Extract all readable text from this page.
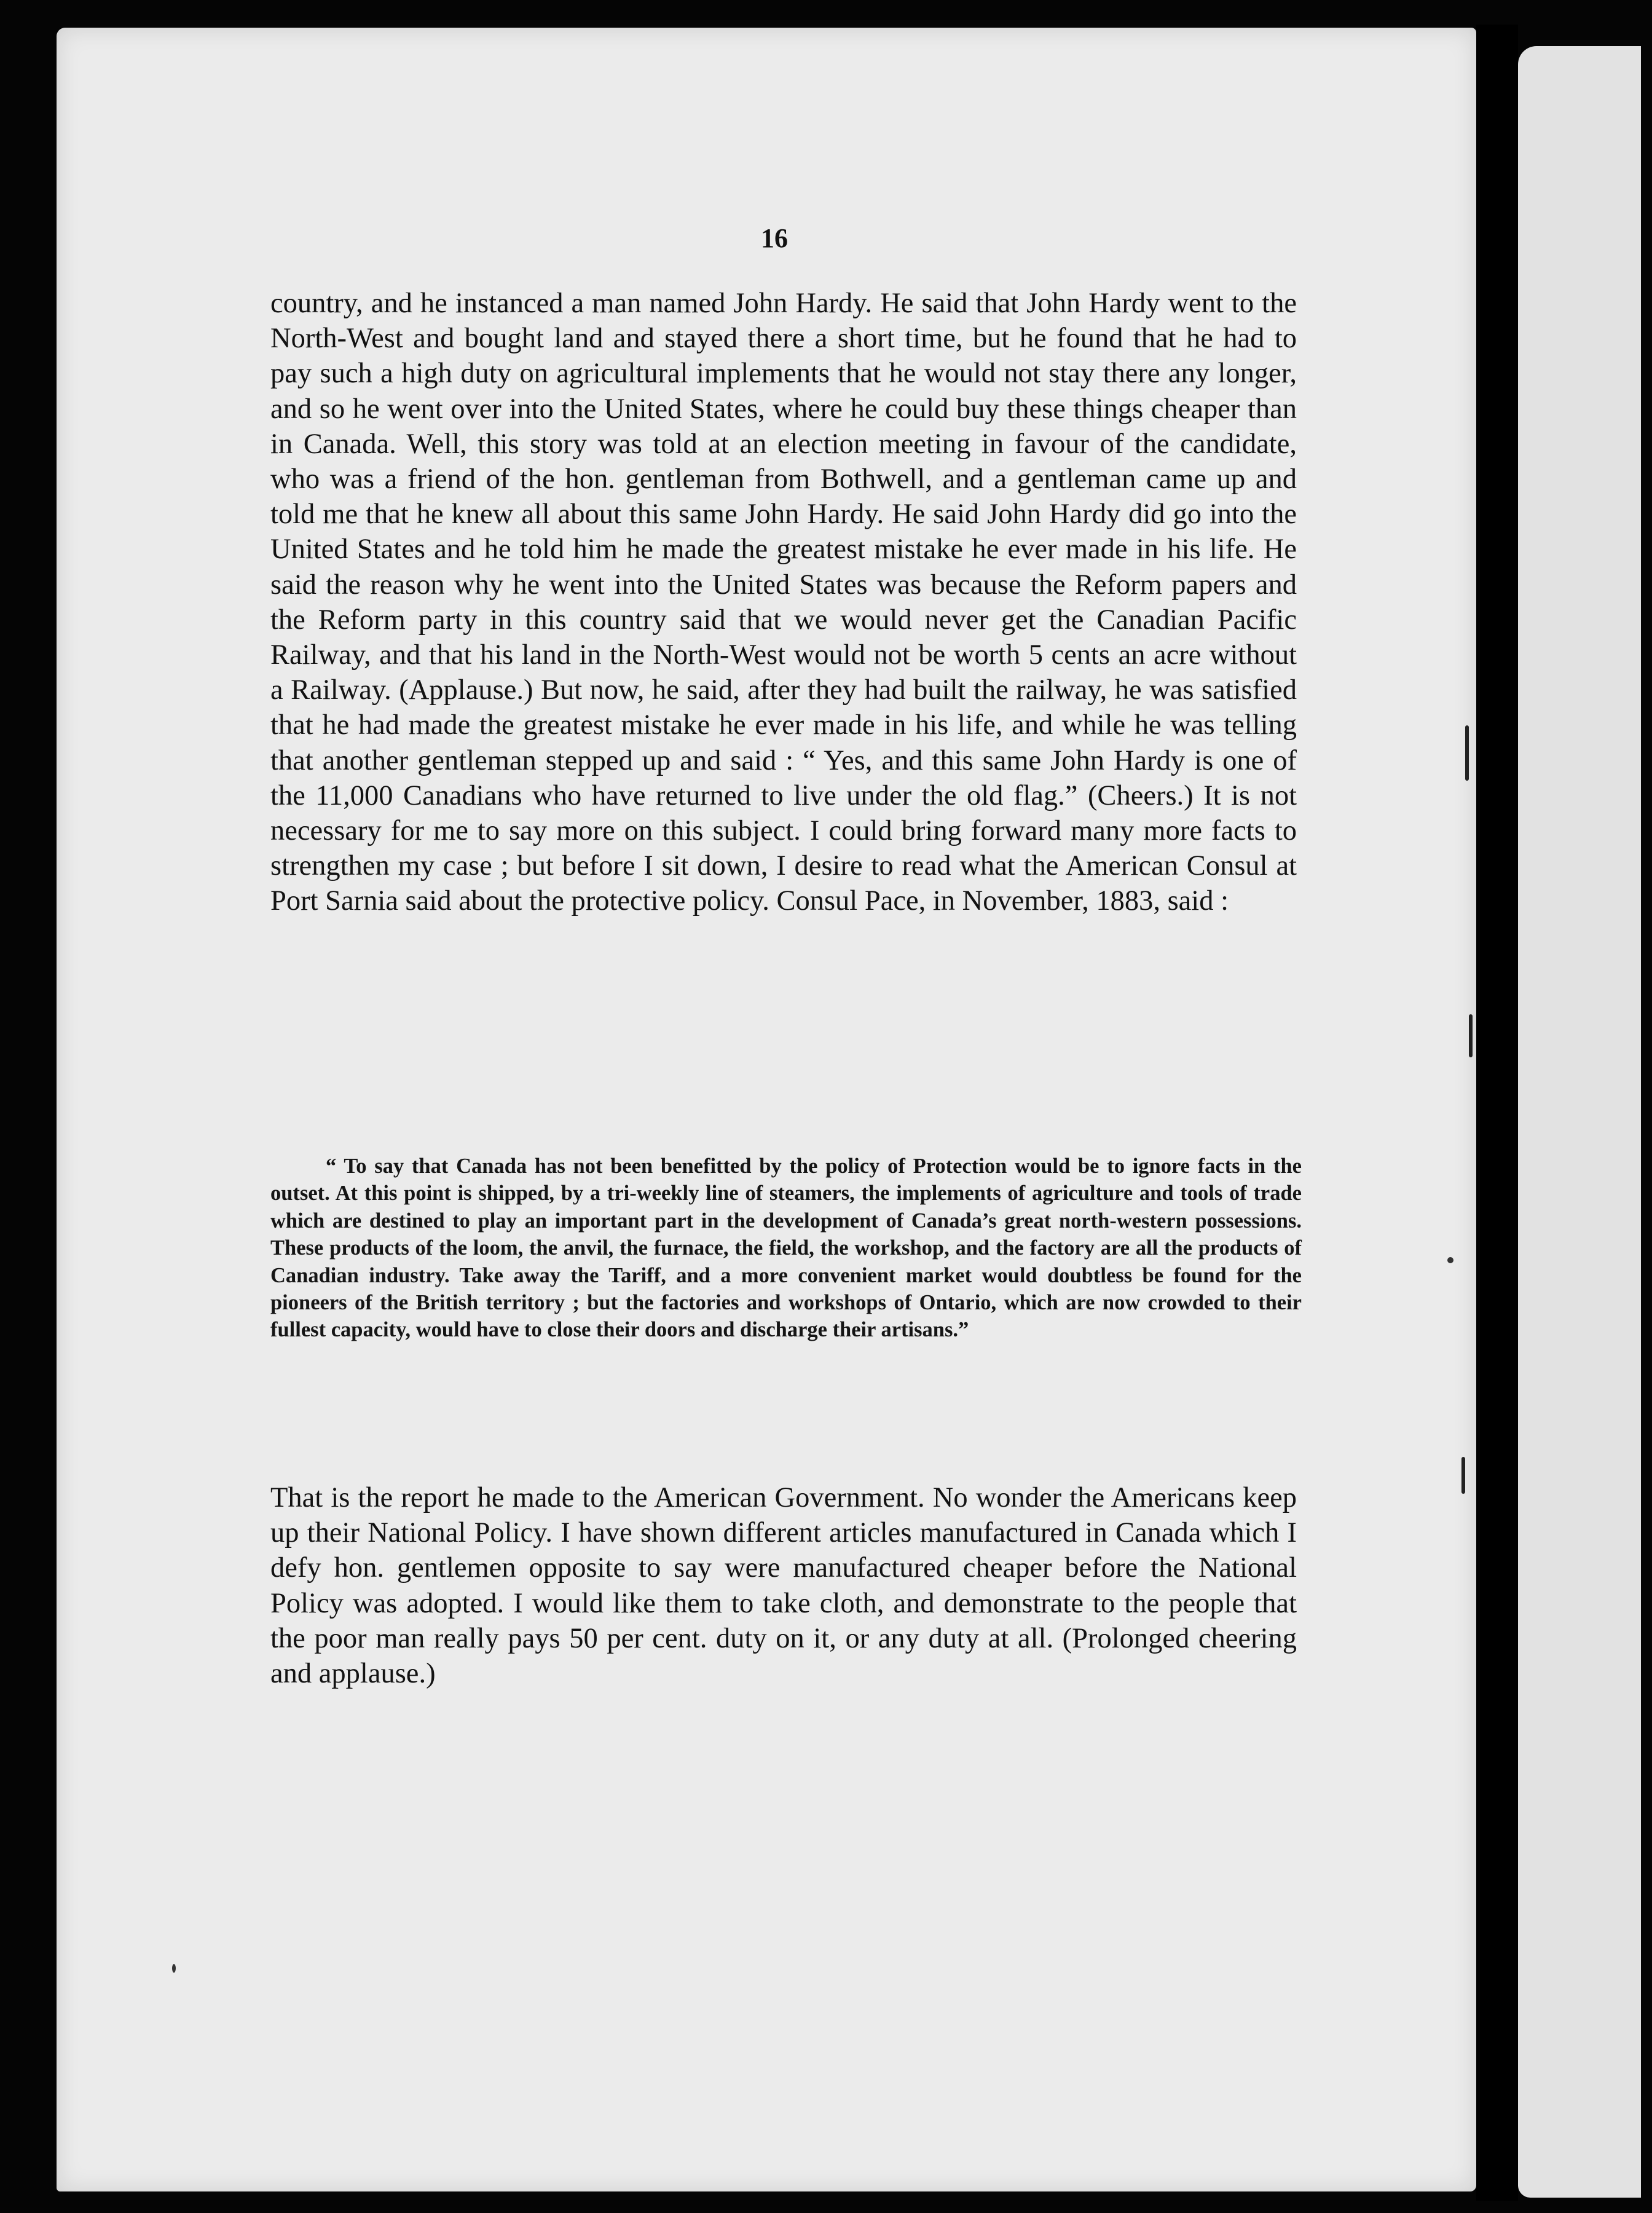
16

country, and he instanced a man named John Hardy. He said that John Hardy went to the North-West and bought land and stayed there a short time, but he found that he had to pay such a high duty on agricultural implements that he would not stay there any longer, and so he went over into the United States, where he could buy these things cheaper than in Canada. Well, this story was told at an election meeting in favour of the candidate, who was a friend of the hon. gentleman from Bothwell, and a gentleman came up and told me that he knew all about this same John Hardy. He said John Hardy did go into the United States and he told him he made the greatest mistake he ever made in his life. He said the reason why he went into the United States was because the Reform papers and the Reform party in this country said that we would never get the Canadian Pacific Railway, and that his land in the North-West would not be worth 5 cents an acre without a Railway. (Applause.) But now, he said, after they had built the railway, he was satisfied that he had made the greatest mistake he ever made in his life, and while he was telling that another gentleman stepped up and said : “ Yes, and this same John Hardy is one of the 11,000 Canadians who have returned to live under the old flag.” (Cheers.) It is not necessary for me to say more on this subject. I could bring forward many more facts to strengthen my case ; but before I sit down, I desire to read what the American Consul at Port Sarnia said about the protective policy. Consul Pace, in November, 1883, said :

“ To say that Canada has not been benefitted by the policy of Protection would be to ignore facts in the outset. At this point is shipped, by a tri-weekly line of steamers, the implements of agriculture and tools of trade which are destined to play an important part in the development of Canada’s great north-western possessions. These products of the loom, the anvil, the furnace, the field, the workshop, and the factory are all the products of Canadian industry. Take away the Tariff, and a more convenient market would doubtless be found for the pioneers of the British territory ; but the factories and workshops of Ontario, which are now crowded to their fullest capacity, would have to close their doors and discharge their artisans.”

That is the report he made to the American Government. No wonder the Americans keep up their National Policy. I have shown different articles manufactured in Canada which I defy hon. gentlemen opposite to say were manufactured cheaper before the National Policy was adopted. I would like them to take cloth, and demonstrate to the people that the poor man really pays 50 per cent. duty on it, or any duty at all. (Prolonged cheering and applause.)
